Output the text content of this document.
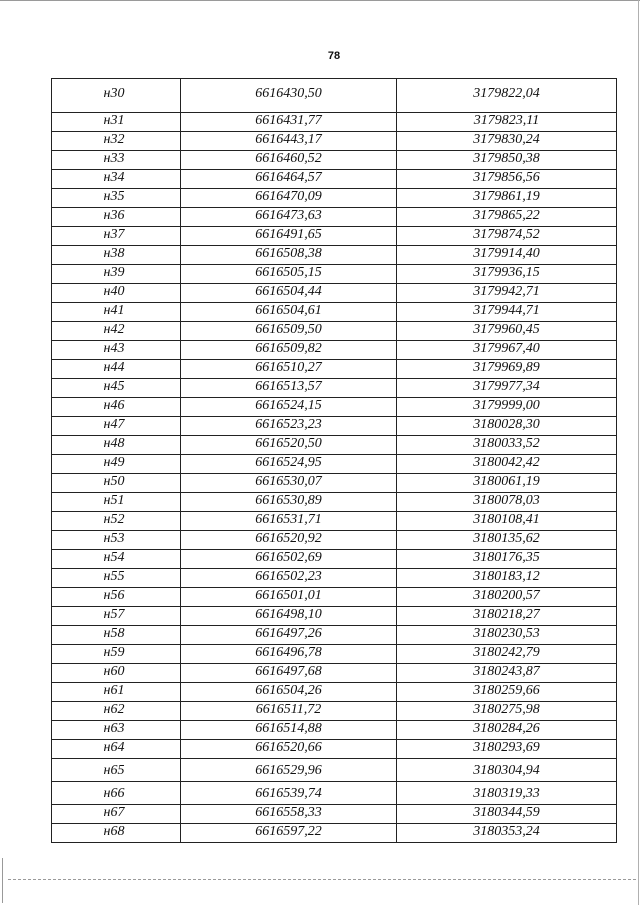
78
н30	6616430,50	3179822,04
н31	6616431,77	3179823,11
н32	6616443,17	3179830,24
н33	6616460,52	3179850,38
н34	6616464,57	3179856,56
н35	6616470,09	3179861,19
н36	6616473,63	3179865,22
н37	6616491,65	3179874,52
н38	6616508,38	3179914,40
н39	6616505,15	3179936,15
н40	6616504,44	3179942,71
н41	6616504,61	3179944,71
н42	6616509,50	3179960,45
н43	6616509,82	3179967,40
н44	6616510,27	3179969,89
н45	6616513,57	3179977,34
н46	6616524,15	3179999,00
н47	6616523,23	3180028,30
н48	6616520,50	3180033,52
н49	6616524,95	3180042,42
н50	6616530,07	3180061,19
н51	6616530,89	3180078,03
н52	6616531,71	3180108,41
н53	6616520,92	3180135,62
н54	6616502,69	3180176,35
н55	6616502,23	3180183,12
н56	6616501,01	3180200,57
н57	6616498,10	3180218,27
н58	6616497,26	3180230,53
н59	6616496,78	3180242,79
н60	6616497,68	3180243,87
н61	6616504,26	3180259,66
н62	6616511,72	3180275,98
н63	6616514,88	3180284,26
н64	6616520,66	3180293,69
н65	6616529,96	3180304,94
н66	6616539,74	3180319,33
н67	6616558,33	3180344,59
н68	6616597,22	3180353,24
